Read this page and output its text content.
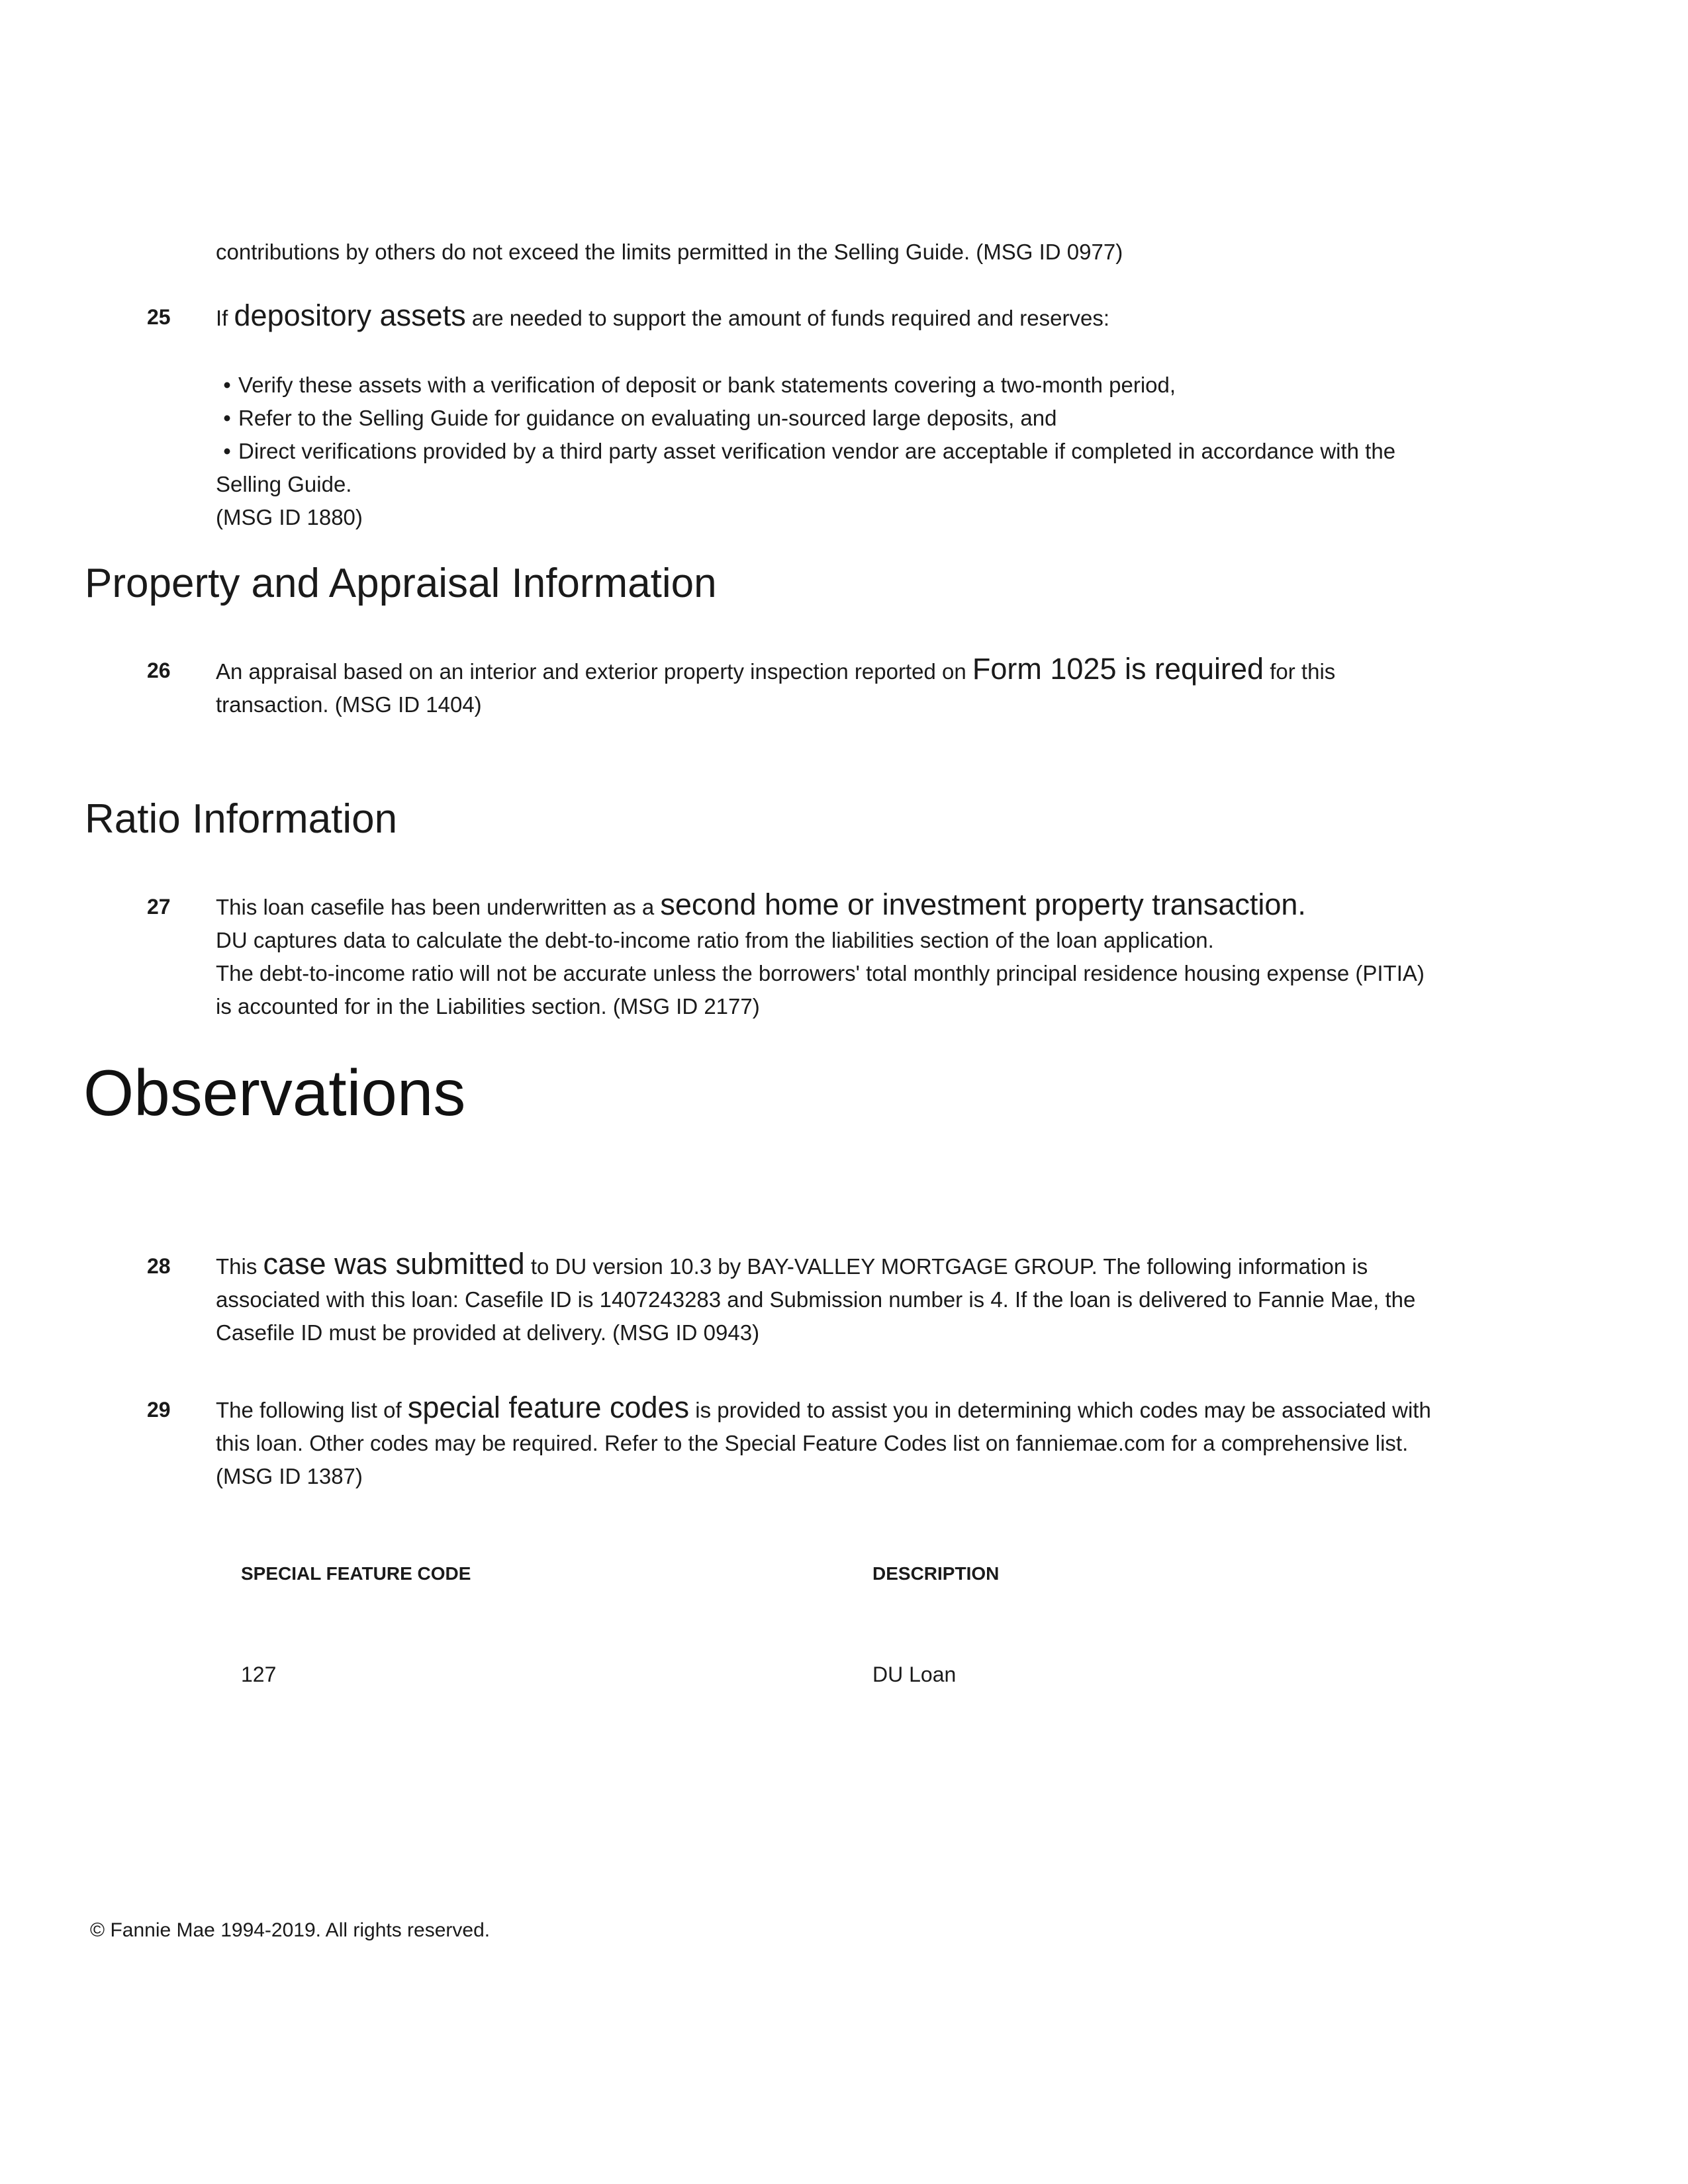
contributions by others do not exceed the limits permitted in the Selling Guide. (MSG ID 0977)
25 If depository assets are needed to support the amount of funds required and reserves:
• Verify these assets with a verification of deposit or bank statements covering a two-month period,
• Refer to the Selling Guide for guidance on evaluating un-sourced large deposits, and
• Direct verifications provided by a third party asset verification vendor are acceptable if completed in accordance with the
Selling Guide.
(MSG ID 1880)
Property and Appraisal Information
26 An appraisal based on an interior and exterior property inspection reported on Form 1025 is required for this
transaction. (MSG ID 1404)
Ratio Information
27 This loan casefile has been underwritten as a second home or investment property transaction.
DU captures data to calculate the debt-to-income ratio from the liabilities section of the loan application.
The debt-to-income ratio will not be accurate unless the borrowers' total monthly principal residence housing expense (PITIA)
is accounted for in the Liabilities section. (MSG ID 2177)
Observations
28 This case was submitted to DU version 10.3 by BAY-VALLEY MORTGAGE GROUP. The following information is
associated with this loan: Casefile ID is 1407243283 and Submission number is 4. If the loan is delivered to Fannie Mae, the
Casefile ID must be provided at delivery. (MSG ID 0943)
29 The following list of special feature codes is provided to assist you in determining which codes may be associated with
this loan. Other codes may be required. Refer to the Special Feature Codes list on fanniemae.com for a comprehensive list.
(MSG ID 1387)
SPECIAL FEATURE CODE	DESCRIPTION
127	DU Loan
© Fannie Mae 1994-2019. All rights reserved.
